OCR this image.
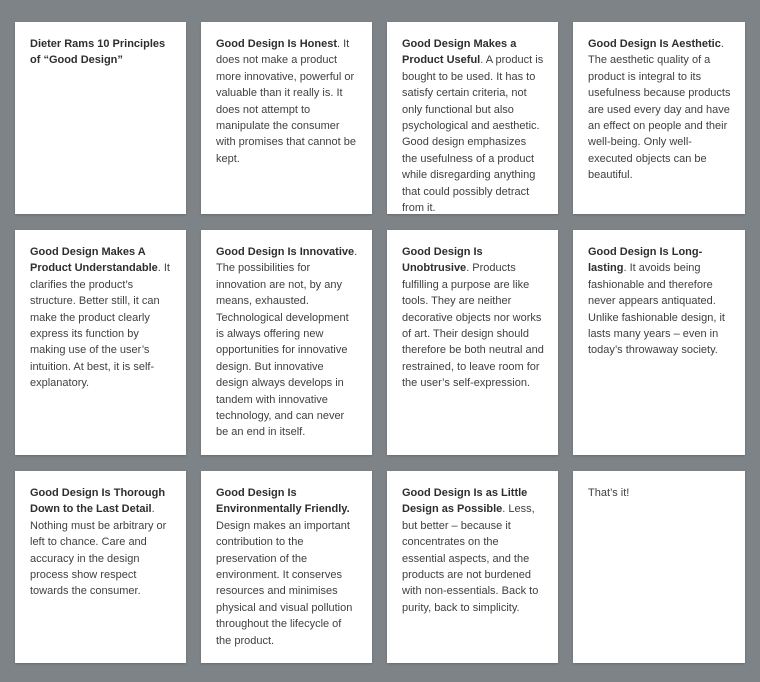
Dieter Rams 10 Principles of “Good Design”

Good Design Is Honest. It does not make a product more innovative, powerful or valuable than it really is. It does not attempt to manipulate the consumer with promises that cannot be kept.

Good Design Makes a Product Useful. A product is bought to be used. It has to satisfy certain criteria, not only functional but also psychological and aesthetic. Good design emphasizes the usefulness of a product while disregarding anything that could possibly detract from it.

Good Design Is Aesthetic. The aesthetic quality of a product is integral to its usefulness because products are used every day and have an effect on people and their well-being. Only well-executed objects can be beautiful.

Good Design Makes A Product Understandable. It clarifies the product’s structure. Better still, it can make the product clearly express its function by making use of the user’s intuition. At best, it is self-explanatory.

Good Design Is Innovative. The possibilities for innovation are not, by any means, exhausted. Technological development is always offering new opportunities for innovative design. But innovative design always develops in tandem with innovative technology, and can never be an end in itself.

Good Design Is Unobtrusive. Products fulfilling a purpose are like tools. They are neither decorative objects nor works of art. Their design should therefore be both neutral and restrained, to leave room for the user’s self-expression.

Good Design Is Long-lasting. It avoids being fashionable and therefore never appears antiquated. Unlike fashionable design, it lasts many years – even in today’s throwaway society.

Good Design Is Thorough Down to the Last Detail. Nothing must be arbitrary or left to chance. Care and accuracy in the design process show respect towards the consumer.

Good Design Is Environmentally Friendly. Design makes an important contribution to the preservation of the environment. It conserves resources and minimises physical and visual pollution throughout the lifecycle of the product.

Good Design Is as Little Design as Possible. Less, but better – because it concentrates on the essential aspects, and the products are not burdened with non-essentials. Back to purity, back to simplicity.

That’s it!
